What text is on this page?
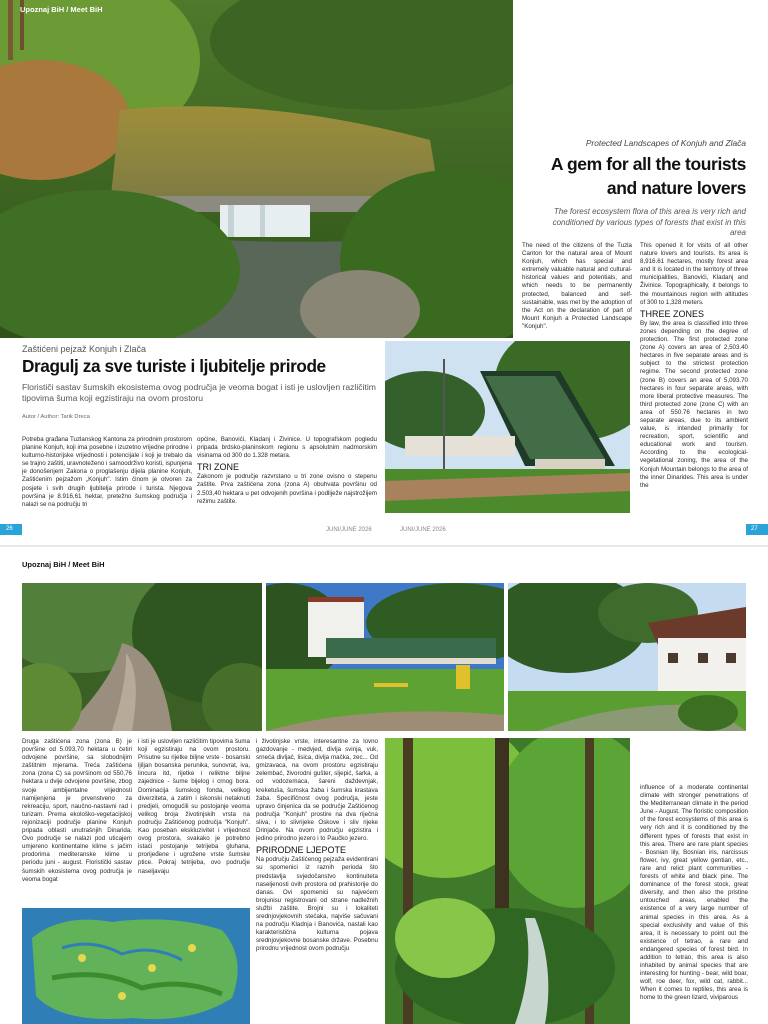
Upoznaj BiH / Meet BiH
Protected Landscapes of Konjuh and Zlača
A gem for all the tourists
and nature lovers
The forest ecosystem flora of this area is very rich and conditioned by various types of forests that exist in this area

The need of the citizens of the Tuzla Canton for the natural area of Mount Konjuh, which has special and extremely valuable natural and cultural-historical values and potentials, and which needs to be permanently protected, balanced and self-sustainable, was met by the adoption of the Act on the declaration of part of Mount Konjuh a Protected Landscape "Konjuh".

This opened it for visits of all other nature lovers and tourists. Its area is 8,916.61 hectares, mostly forest area and it is located in the territory of three municipalities, Banovići, Kladanj and Živinice. Topographically, it belongs to the mountainous region with altitudes of 300 to 1,328 meters.

THREE ZONES

By law, the area is classified into three zones depending on the degree of protection. The first protected zone (zone A) covers an area of 2,503.40 hectares in five separate areas and is subject to the strictest protection regime. The second protected zone (zone B) covers an area of 5,093.70 hectares in four separate areas, with more liberal protective measures. The third protected zone (zone C) with an area of 550.76 hectares in two separate areas, due to its ambient value, is intended primarily for recreation, sport, scientific and educational work and tourism. According to the ecological-vegetational zoning, the area of the Konjuh Mountain belongs to the area of the inner Dinarides. This area is under the

Zaštićeni pejzaž Konjuh i Zlača
Dragulj za sve turiste i ljubitelje prirode
Florističi sastav šumskih ekosistema ovog područja je veoma bogat i isti je uslovljen različitim tipovima šuma koji egzistiraju na ovom prostoru
Autor / Author: Tarik Dreca

Potreba građana Tuzlanskog Kantona za prirodnim prostorom planine Konjuh, koji ima posebne i izuzetno vrijedne prirodne i kulturno-historijske vrijednosti i potencijale i koji je trebalo da se trajno zaštiti, uravnoteženo i samoodrživo koristi, ispunjena je donošenjem Zakona o proglašenju dijela planine Konjuh, Zaštićenim pejzažom „Konjuh". Istim činom je otvoren za posjete i svih drugih ljubitelja prirode i turista. Njegova površina je 8.916,61 hektar, pretežno šumskog područja i nalazi se na području tri

općine, Banovići, Kladanj i Živinice. U topografskom pogledu pripada brdsko-planinskom regionu s apsolutnim nadmorskim visinama od 300 do 1.328 metara.

TRI ZONE

Zakonom je područje razvrstano u tri zone ovisno o stepenu zaštite. Prva zaštićena zona (zona A) obuhvata površinu od 2.503,40 hektara u pet odvojenih površina i podliježe najstrožijem režimu zaštite.

26	JUNI/JUNE 2026	JUNI/JUNE 2026	27
Upoznaj BiH / Meet BiH

Druga zaštićena zona (zona B) je površine od 5.093,70 hektara u četiri odvojene površine, sa slobodnijim zaštitnim mjerama. Treća zaštićena zona (zona C) sa površinom od 550,76 hektara u dvije odvojene površine, zbog svoje ambijentalne vrijednosti namijenjena je prvenstveno za rekreaciju, sport, naučno-nastavni rad i turizam. Prema ekološko-vegetacijskoj rejonizaciji područje planine Konjuh pripada oblasti unutrašnjih Dinarida. Ovo područje se nalazi pod uticajem umjereno kontinentalne klime s jačim prodorima mediteranske klime u periodu juni - august. Floristički sastav šumskih ekosistema ovog područja je veoma bogat

i isti je uslovljen različitim tipovima šuma koji egzistiraju na ovom prostoru. Prisutne su rijetke biljne vrste - bosanski ljiljan bosanska perunika, sunovrat, iva, lincura itd, rijetke i reliktne biljne zajednice - šume bijelog i crnog bora. Dominacija šumskog fonda, velikog diverziteta, a zatim i iskonski netaknuti predjeli, omogućili su postojanje veoma velikog broja životinjskih vrsta na području Zaštićenog područja "Konjuh". Kao poseban ekskluzivitet i vrijednost ovog prostora, svakako je potrebno istaći postojanje tetrijeba gluhana, prorijeđene i ugrožene vrste šumske ptice. Pokraj tetrijeba, ovo područje naseljavaju

i životinjske vrste, interesantne za lovno gazdovanje - medvjed, divlja svinja, vuk, srneća divljač, lisica, divlja mačka, zec... Od gmizavaca, na ovom prostoru egzistiraju zelembać, živorodni gušter, sljepić, šarka, a od vodozemaca, šareni daždevnjak, kreketuša, šumska žaba i šumska krastava žaba. Specifičnost ovog područja, jeste upravo činjenica da se područje Zaštićenog područja "Konjuh" prostire na dva riječna sliva, i to slivrijeke Oskove i sliv rijeke Drinjače. Na ovom području egzistira i jedino prirodno jezero i to Paučko jezero.

PRIRODNE LJEPOTE

Na području Zaštićenog pejzaža evidentirani su spomenici iz raznih perioda što predstavlja svjedočanstvo kontinuiteta naseljenosti ovih prostora od prahistorije do danas. Ovi spomenici su najvećem brojunisu registrovani od strane nadležnih službi zaštite. Brojni su i lokaliteti srednjovjekovnih stećaka, najviše sačuvani na području Kladnja i Banovića, nastali kao karakteristična kulturna pojava srednjovjekovne bosanske države. Posebnu prirodnu vrijednost ovom području

influence of a moderate continental climate with stronger penetrations of the Mediterranean climate in the period June - August. The floristic composition of the forest ecosystems of this area is very rich and it is conditioned by the different types of forests that exist in this area. There are rare plant species - Bosnian lily, Bosnian iris, narcissus flower, ivy, great yellow gentian, etc., rare and relict plant communities - forests of white and black pine. The dominance of the forest stock, great diversity, and then also the pristine untouched areas, enabled the existence of a very large number of animal species in this area. As a special exclusivity and value of this area, it is necessary to point out the existence of tetrao, a rare and endangered species of forest bird. In addition to tetrao, this area is also inhabited by animal species that are interesting for hunting - bear, wild boar, wolf, roe deer, fox, wild cat, rabbit... When it comes to reptiles, this area is home to the green lizard, viviparous
